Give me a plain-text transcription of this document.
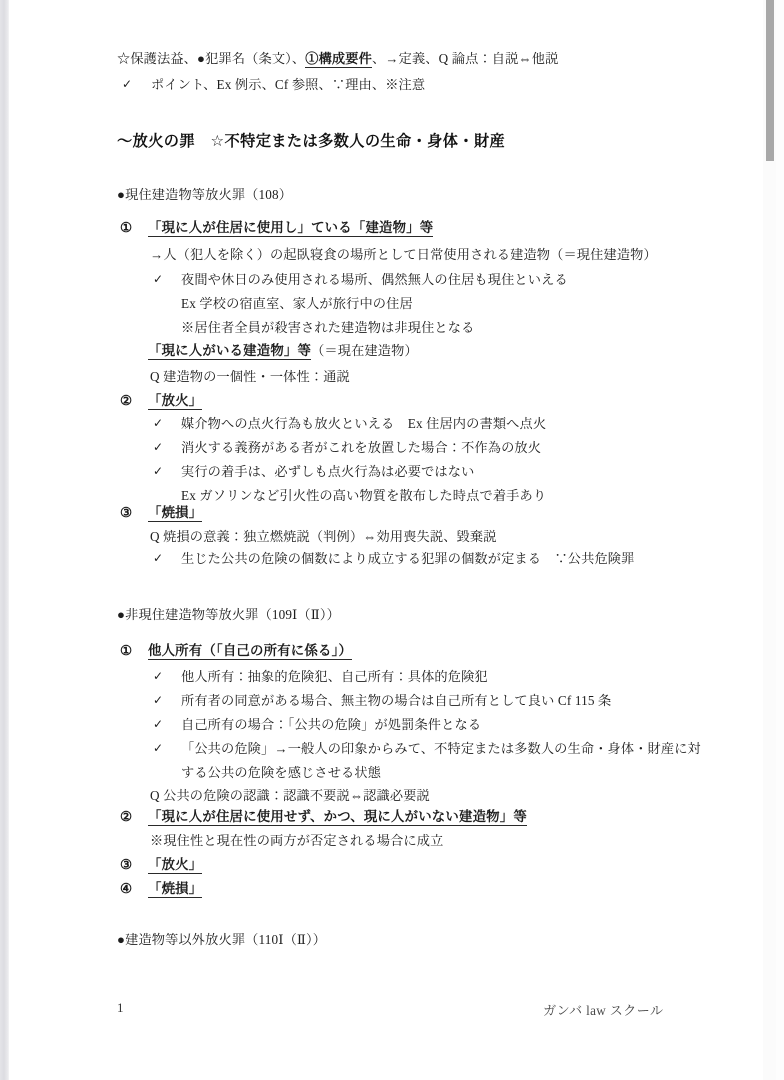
☆保護法益、●犯罪名（条文）、①構成要件、→定義、Q 論点：自説⇔他説
✓ ポイント、Ex 例示、Cf 参照、∵理由、※注意
～放火の罪　☆不特定または多数人の生命・身体・財産
●現住建造物等放火罪（108）
① 「現に人が住居に使用し」ている「建造物」等
→人（犯人を除く）の起臥寝食の場所として日常使用される建造物（＝現住建造物）
✓ 夜間や休日のみ使用される場所、偶然無人の住居も現住といえる
Ex 学校の宿直室、家人が旅行中の住居
※居住者全員が殺害された建造物は非現住となる
「現に人がいる建造物」等（＝現在建造物）
Q 建造物の一個性・一体性：通説
② 「放火」
✓ 媒介物への点火行為も放火といえる　Ex 住居内の書類へ点火
✓ 消火する義務がある者がこれを放置した場合：不作為の放火
✓ 実行の着手は、必ずしも点火行為は必要ではない
Ex ガソリンなど引火性の高い物質を散布した時点で着手あり
③ 「焼損」
Q 焼損の意義：独立燃焼説（判例）⇔効用喪失説、毀棄説
✓ 生じた公共の危険の個数により成立する犯罪の個数が定まる　∵公共危険罪
●非現住建造物等放火罪（109Ⅰ（Ⅱ））
① 他人所有（「自己の所有に係る」）
✓ 他人所有：抽象的危険犯、自己所有：具体的危険犯
✓ 所有者の同意がある場合、無主物の場合は自己所有として良い Cf 115 条
✓ 自己所有の場合：「公共の危険」が処罰条件となる
✓ 「公共の危険」→一般人の印象からみて、不特定または多数人の生命・身体・財産に対
する公共の危険を感じさせる状態
Q 公共の危険の認識：認識不要説⇔認識必要説
② 「現に人が住居に使用せず、かつ、現に人がいない建造物」等
※現住性と現在性の両方が否定される場合に成立
③ 「放火」
④ 「焼損」
●建造物等以外放火罪（110Ⅰ（Ⅱ））
1	ガンバ law スクール
